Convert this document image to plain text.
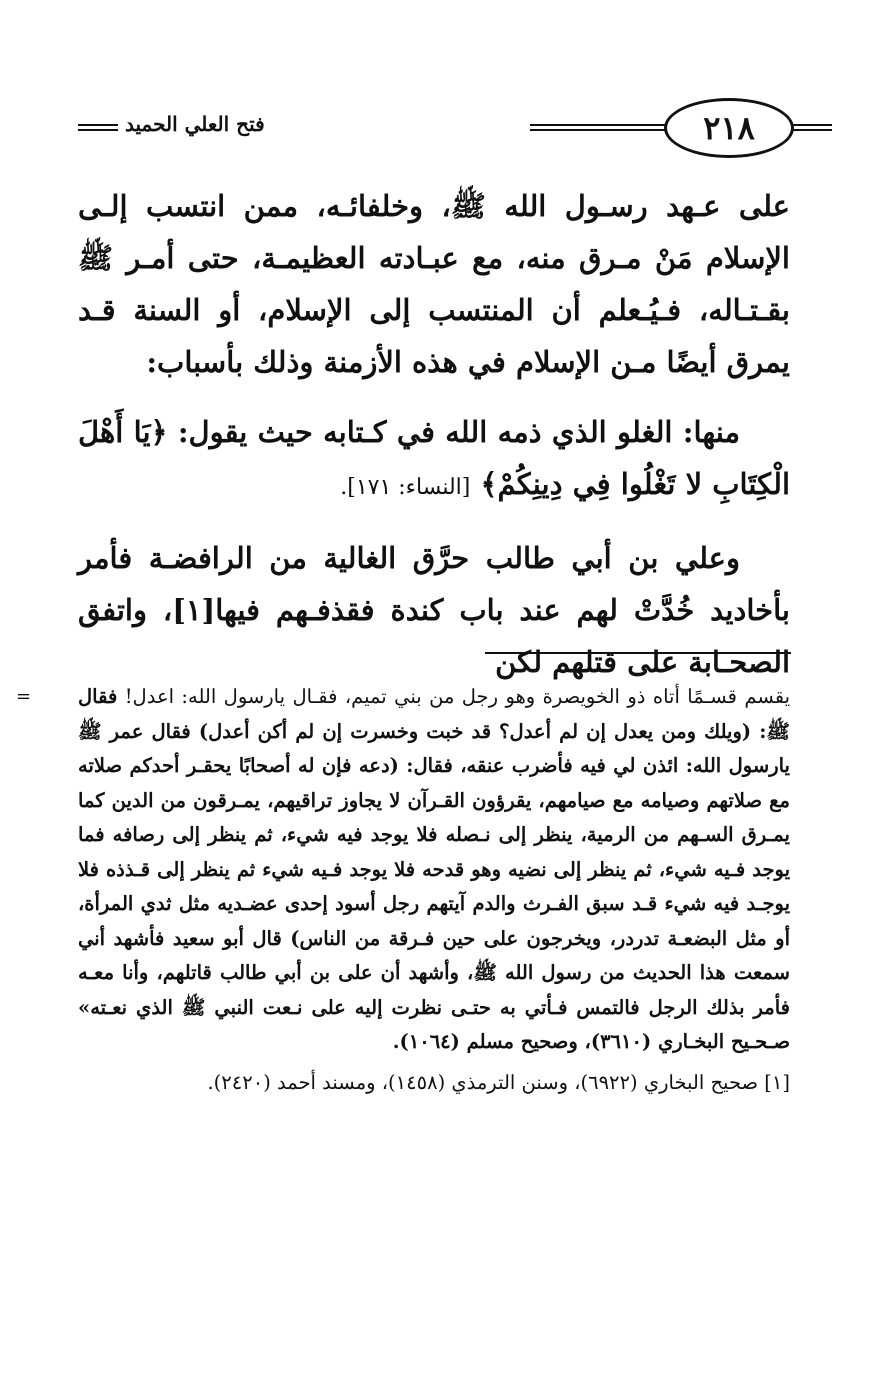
٢١٨
فتح العلي الحميد

على عـهد رسـول الله ﷺ، وخلفائـه، ممن انتسب إلـى الإسلام مَنْ مـرق منه، مع عبـادته العظيمـة، حتى أمـر ﷺ بقـتـاله، فـيُـعلم أن المنتسب إلى الإسلام، أو السنة قـد يمرق أيضًا مـن الإسلام في هذه الأزمنة وذلك بأسباب:

منها: الغلو الذي ذمه الله في كـتابه حيث يقول: ﴿يَا أَهْلَ الْكِتَابِ لا تَغْلُوا فِي دِينِكُمْ﴾ [النساء: ١٧١].

وعلي بن أبي طالب حرَّق الغالية من الرافضـة فأمر بأخاديد خُدَّتْ لهم عند باب كندة فقذفـهم فيها[١]، واتفق الصحـابة على قتلهم لكن

=	يقسم قسـمًا أتاه ذو الخويصرة وهو رجل من بني تميم، فقـال يارسول الله: اعدل! فقال ﷺ: (ويلك ومن يعدل إن لم أعدل؟ قد خبت وخسرت إن لم أكن أعدل) فقال عمر ﷺ يارسول الله: ائذن لي فيه فأضرب عنقه، فقال: (دعه فإن له أصحابًا يحقـر أحدكم صلاته مع صلاتهم وصيامه مع صيامهم، يقرؤون القـرآن لا يجاوز تراقيهم، يمـرقون من الدين كما يمـرق السـهم من الرمية، ينظر إلى نـصله فلا يوجد فيه شيء، ثم ينظر إلى رصافه فما يوجد فـيه شيء، ثم ينظر إلى نضيه وهو قدحه فلا يوجد فـيه شيء ثم ينظر إلى قـذذه فلا يوجـد فيه شيء قـد سبق الفـرث والدم آيتهم رجل أسود إحدى عضـديه مثل ثدي المرأة، أو مثل البضعـة تدردر، ويخرجون على حين فـرقة من الناس) قال أبو سعيد فأشهد أني سمعت هذا الحديث من رسول الله ﷺ، وأشهد أن على بن أبي طالب قاتلهم، وأنا معـه فأمر بذلك الرجل فالتمس فـأتي به حتـى نظرت إليه على نـعت النبي ﷺ الذي نعـته» صـحـيح البخـاري (٣٦١٠)، وصحيح مسلم (١٠٦٤).

[١] صحيح البخاري (٦٩٢٢)، وسنن الترمذي (١٤٥٨)، ومسند أحمد (٢٤٢٠).
